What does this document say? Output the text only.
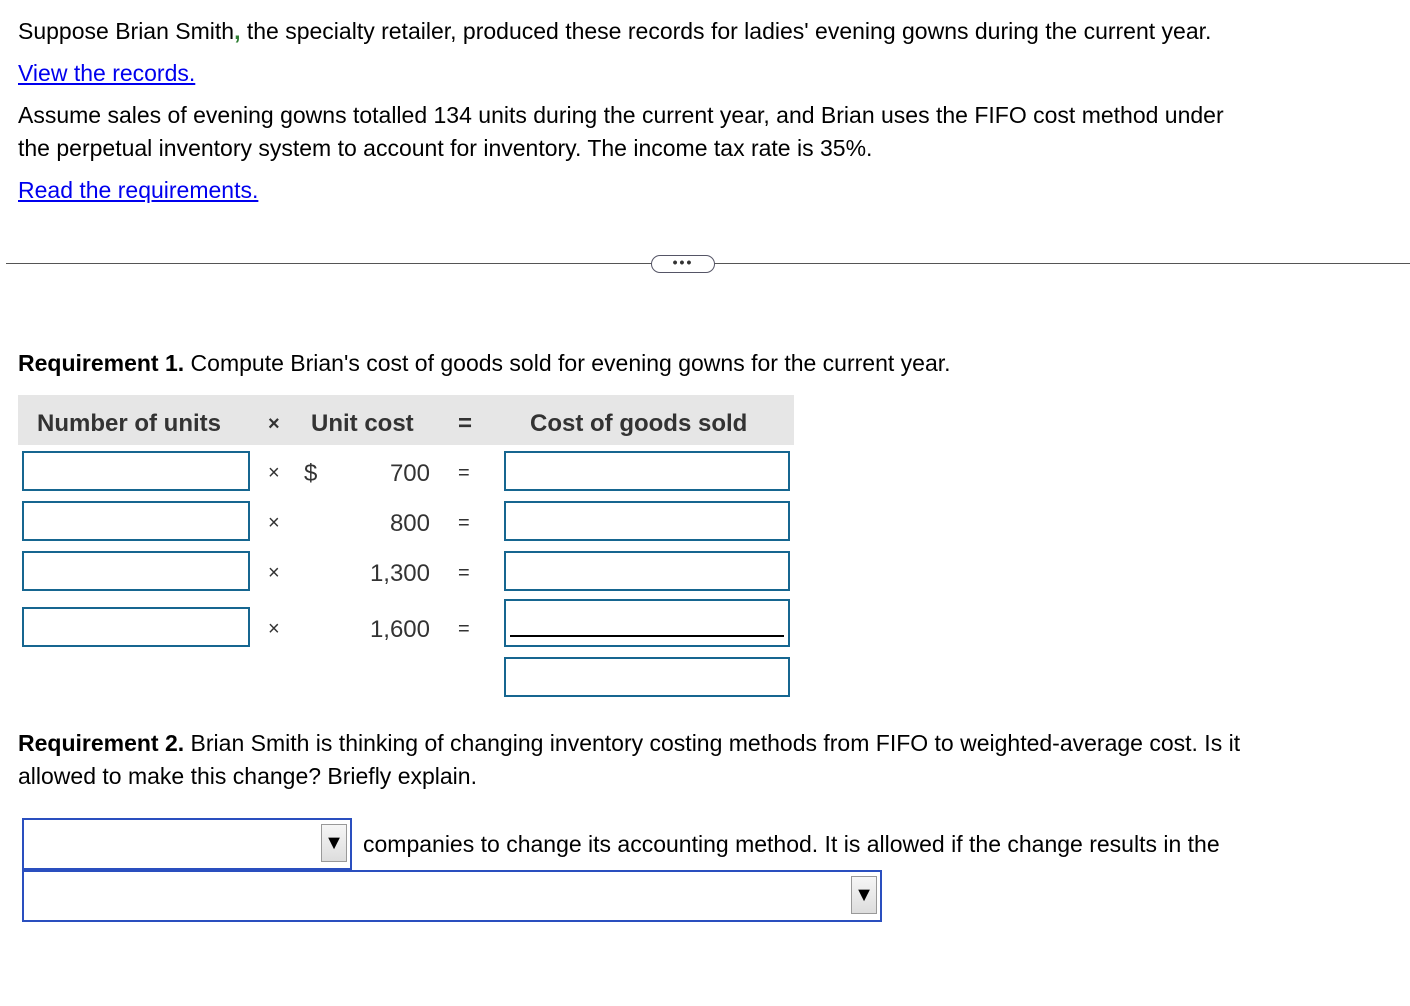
Suppose Brian Smith, the specialty retailer, produced these records for ladies' evening gowns during the current year.
View the records.
Assume sales of evening gowns totalled 134 units during the current year, and Brian uses the FIFO cost method under
the perpetual inventory system to account for inventory. The income tax rate is 35%.
Read the requirements.
•••
Requirement 1. Compute Brian's cost of goods sold for evening gowns for the current year.
Number of units × Unit cost = Cost of goods sold
× $	700 =
×	800 =
×	1,300 =
×	1,600 =
Requirement 2. Brian Smith is thinking of changing inventory costing methods from FIFO to weighted-average cost. Is it
allowed to make this change? Briefly explain.
▼ companies to change its accounting method. It is allowed if the change results in the
▼
